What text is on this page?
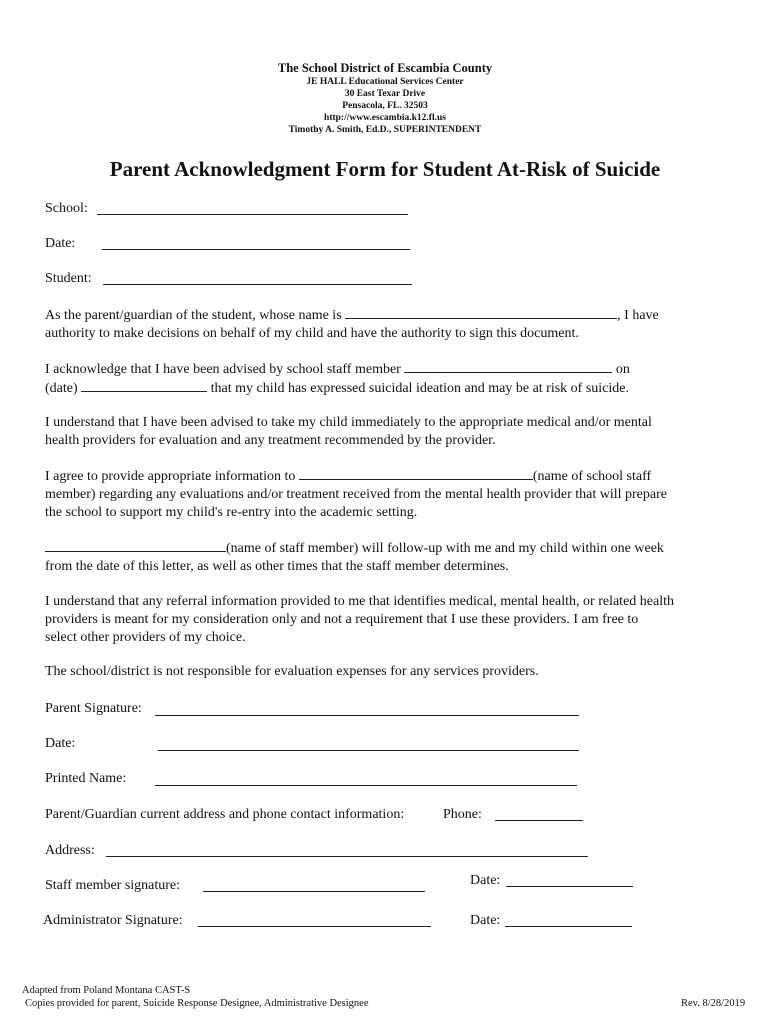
The School District of Escambia County
JE HALL Educational Services Center
30 East Texar Drive
Pensacola, FL. 32503
http://www.escambia.k12.fl.us
Timothy A. Smith, Ed.D., SUPERINTENDENT
Parent Acknowledgment Form for Student At-Risk of Suicide
School:
Date:
Student:
As the parent/guardian of the student, whose name is	, I have
authority to make decisions on behalf of my child and have the authority to sign this document.
I acknowledge that I have been advised by school staff member	on
(date)	that my child has expressed suicidal ideation and may be at risk of suicide.
I understand that I have been advised to take my child immediately to the appropriate medical and/or mental
health providers for evaluation and any treatment recommended by the provider.
I agree to provide appropriate information to	(name of school staff
member) regarding any evaluations and/or treatment received from the mental health provider that will prepare
the school to support my child's re-entry into the academic setting.
(name of staff member) will follow-up with me and my child within one week
from the date of this letter, as well as other times that the staff member determines.
I understand that any referral information provided to me that identifies medical, mental health, or related health
providers is meant for my consideration only and not a requirement that I use these providers. I am free to
select other providers of my choice.
The school/district is not responsible for evaluation expenses for any services providers.
Parent Signature:
Date:
Printed Name:
Parent/Guardian current address and phone contact information:	Phone:
Address:
Staff member signature:	Date:
Administrator Signature:	Date:
Adapted from Poland Montana CAST-S
Copies provided for parent, Suicide Response Designee, Administrative Designee	Rev. 8/28/2019
